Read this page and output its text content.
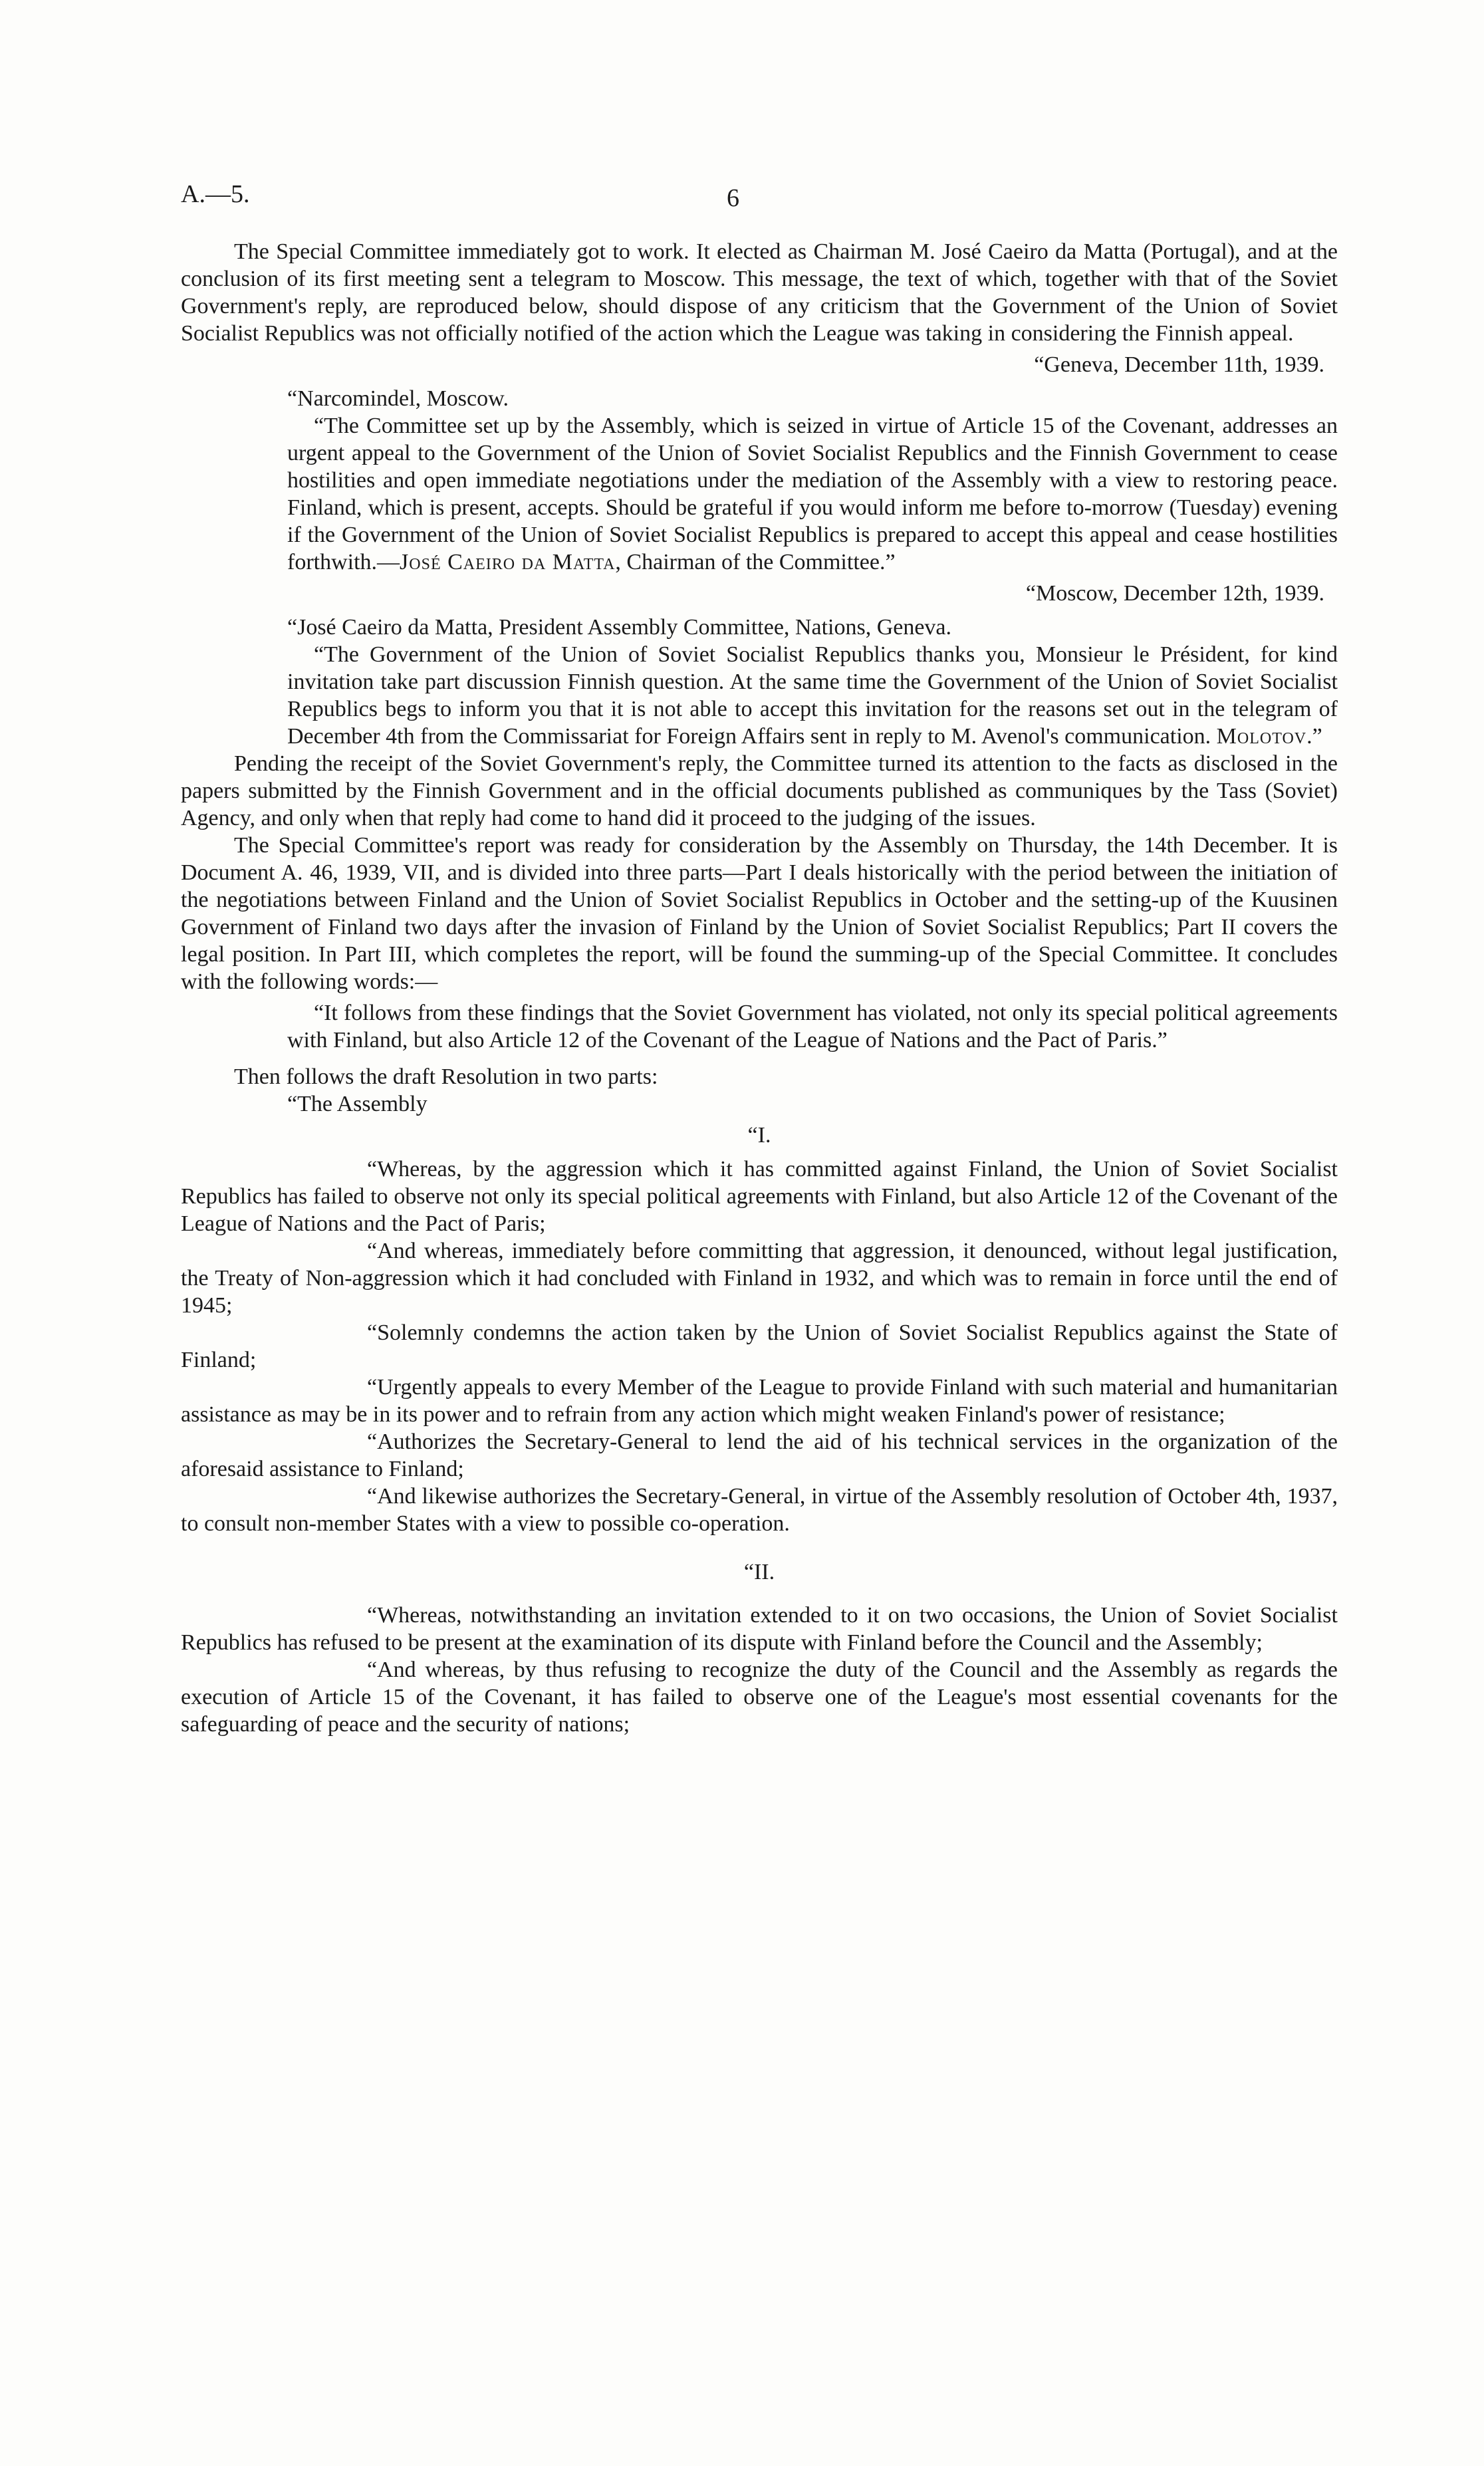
A.—5.	6

The Special Committee immediately got to work. It elected as Chairman M. José Caeiro da Matta (Portugal), and at the conclusion of its first meeting sent a telegram to Moscow. This message, the text of which, together with that of the Soviet Government's reply, are reproduced below, should dispose of any criticism that the Government of the Union of Soviet Socialist Republics was not officially notified of the action which the League was taking in considering the Finnish appeal.

“Geneva, December 11th, 1939.

“Narcomindel, Moscow.

“The Committee set up by the Assembly, which is seized in virtue of Article 15 of the Covenant, addresses an urgent appeal to the Government of the Union of Soviet Socialist Republics and the Finnish Government to cease hostilities and open immediate negotiations under the mediation of the Assembly with a view to restoring peace. Finland, which is present, accepts. Should be grateful if you would inform me before to-morrow (Tuesday) evening if the Government of the Union of Soviet Socialist Republics is prepared to accept this appeal and cease hostilities forthwith.—José Caeiro da Matta, Chairman of the Committee.”

“Moscow, December 12th, 1939.

“José Caeiro da Matta, President Assembly Committee, Nations, Geneva.

“The Government of the Union of Soviet Socialist Republics thanks you, Monsieur le Président, for kind invitation take part discussion Finnish question. At the same time the Government of the Union of Soviet Socialist Republics begs to inform you that it is not able to accept this invitation for the reasons set out in the telegram of December 4th from the Commissariat for Foreign Affairs sent in reply to M. Avenol's communication. Molotov.”

Pending the receipt of the Soviet Government's reply, the Committee turned its attention to the facts as disclosed in the papers submitted by the Finnish Government and in the official documents published as communiques by the Tass (Soviet) Agency, and only when that reply had come to hand did it proceed to the judging of the issues.

The Special Committee's report was ready for consideration by the Assembly on Thursday, the 14th December. It is Document A. 46, 1939, VII, and is divided into three parts—Part I deals historically with the period between the initiation of the negotiations between Finland and the Union of Soviet Socialist Republics in October and the setting-up of the Kuusinen Government of Finland two days after the invasion of Finland by the Union of Soviet Socialist Republics; Part II covers the legal position. In Part III, which completes the report, will be found the summing-up of the Special Committee. It concludes with the following words:—

“It follows from these findings that the Soviet Government has violated, not only its special political agreements with Finland, but also Article 12 of the Covenant of the League of Nations and the Pact of Paris.”

Then follows the draft Resolution in two parts:

“The Assembly

“I.

“Whereas, by the aggression which it has committed against Finland, the Union of Soviet Socialist Republics has failed to observe not only its special political agreements with Finland, but also Article 12 of the Covenant of the League of Nations and the Pact of Paris;

“And whereas, immediately before committing that aggression, it denounced, without legal justification, the Treaty of Non-aggression which it had concluded with Finland in 1932, and which was to remain in force until the end of 1945;

“Solemnly condemns the action taken by the Union of Soviet Socialist Republics against the State of Finland;

“Urgently appeals to every Member of the League to provide Finland with such material and humanitarian assistance as may be in its power and to refrain from any action which might weaken Finland's power of resistance;

“Authorizes the Secretary-General to lend the aid of his technical services in the organization of the aforesaid assistance to Finland;

“And likewise authorizes the Secretary-General, in virtue of the Assembly resolution of October 4th, 1937, to consult non-member States with a view to possible co-operation.

“II.

“Whereas, notwithstanding an invitation extended to it on two occasions, the Union of Soviet Socialist Republics has refused to be present at the examination of its dispute with Finland before the Council and the Assembly;

“And whereas, by thus refusing to recognize the duty of the Council and the Assembly as regards the execution of Article 15 of the Covenant, it has failed to observe one of the League's most essential covenants for the safeguarding of peace and the security of nations;
